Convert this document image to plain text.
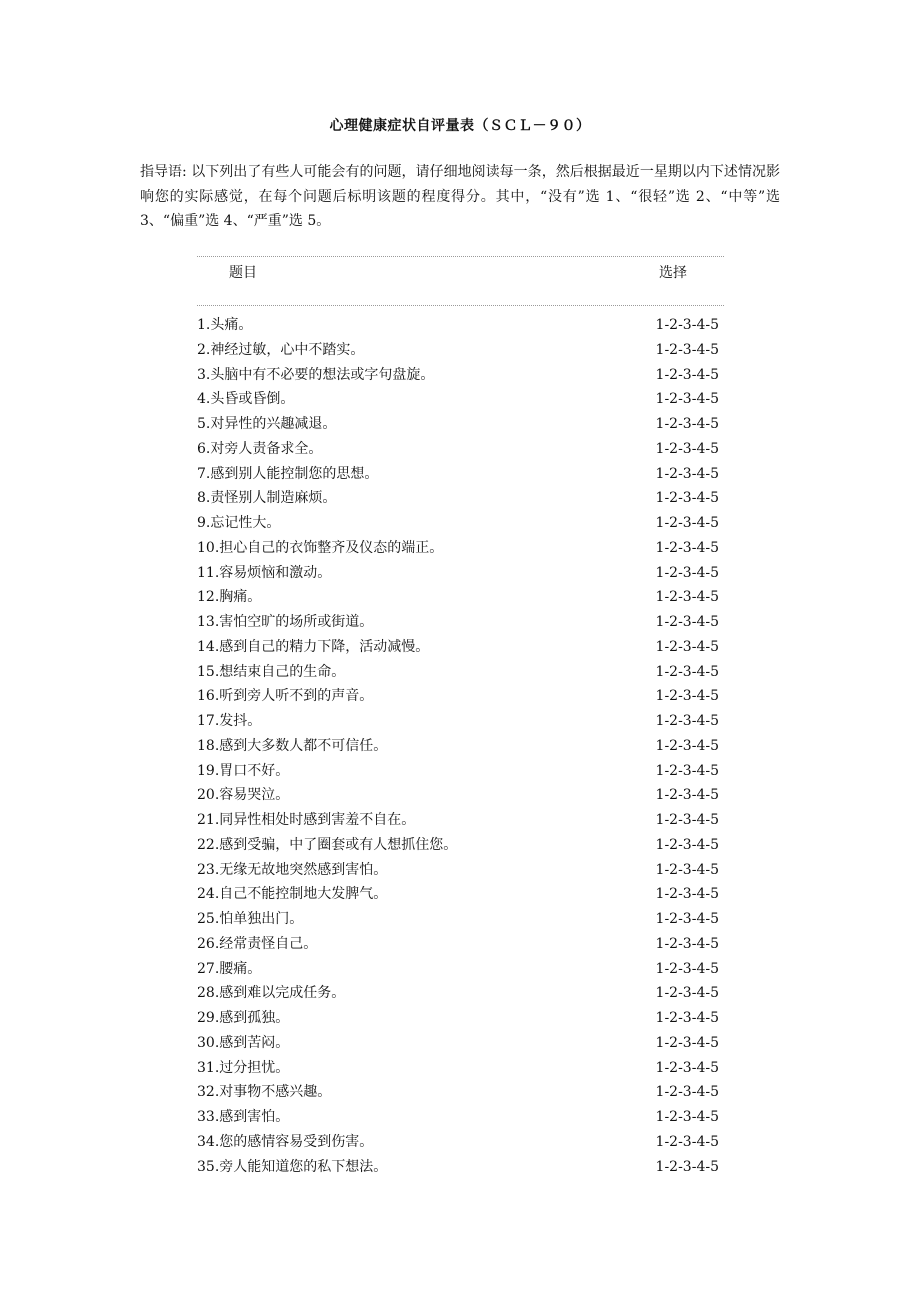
心理健康症状自评量表（ＳＣＬ－９０）

指导语: 以下列出了有些人可能会有的问题，请仔细地阅读每一条，然后根据最近一星期以内下述情况影响您的实际感觉，在每个问题后标明该题的程度得分。其中，“没有”选 1、“很轻”选 2、“中等”选 3、“偏重”选 4、“严重”选 5。

题目	选择
1.头痛。	1-2-3-4-5
2.神经过敏，心中不踏实。	1-2-3-4-5
3.头脑中有不必要的想法或字句盘旋。	1-2-3-4-5
4.头昏或昏倒。	1-2-3-4-5
5.对异性的兴趣减退。	1-2-3-4-5
6.对旁人责备求全。	1-2-3-4-5
7.感到别人能控制您的思想。	1-2-3-4-5
8.责怪别人制造麻烦。	1-2-3-4-5
9.忘记性大。	1-2-3-4-5
10.担心自己的衣饰整齐及仪态的端正。	1-2-3-4-5
11.容易烦恼和激动。	1-2-3-4-5
12.胸痛。	1-2-3-4-5
13.害怕空旷的场所或街道。	1-2-3-4-5
14.感到自己的精力下降，活动减慢。	1-2-3-4-5
15.想结束自己的生命。	1-2-3-4-5
16.听到旁人听不到的声音。	1-2-3-4-5
17.发抖。	1-2-3-4-5
18.感到大多数人都不可信任。	1-2-3-4-5
19.胃口不好。	1-2-3-4-5
20.容易哭泣。	1-2-3-4-5
21.同异性相处时感到害羞不自在。	1-2-3-4-5
22.感到受骗，中了圈套或有人想抓住您。	1-2-3-4-5
23.无缘无故地突然感到害怕。	1-2-3-4-5
24.自己不能控制地大发脾气。	1-2-3-4-5
25.怕单独出门。	1-2-3-4-5
26.经常责怪自己。	1-2-3-4-5
27.腰痛。	1-2-3-4-5
28.感到难以完成任务。	1-2-3-4-5
29.感到孤独。	1-2-3-4-5
30.感到苦闷。	1-2-3-4-5
31.过分担忧。	1-2-3-4-5
32.对事物不感兴趣。	1-2-3-4-5
33.感到害怕。	1-2-3-4-5
34.您的感情容易受到伤害。	1-2-3-4-5
35.旁人能知道您的私下想法。	1-2-3-4-5
